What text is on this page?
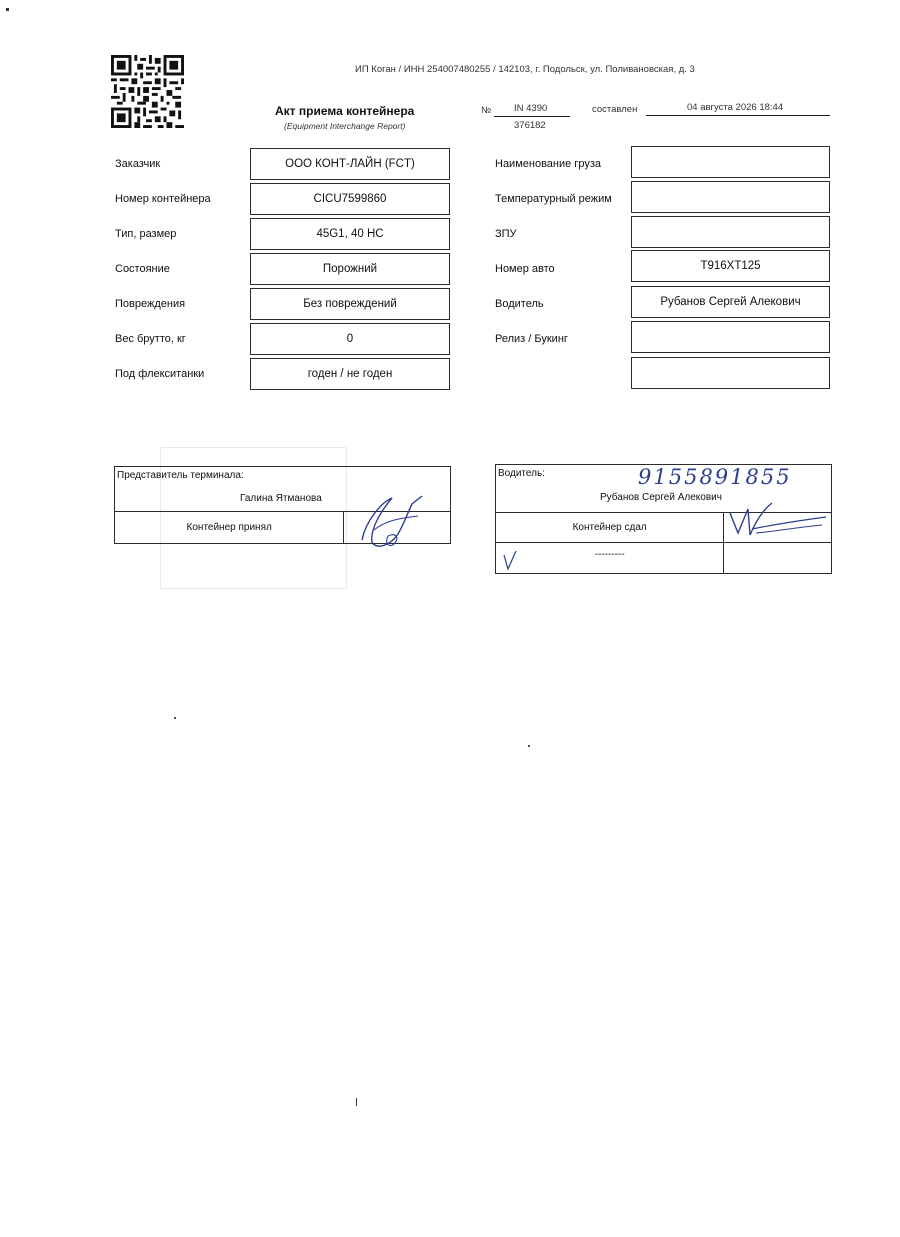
ИП Коган / ИНН 254007480255 / 142103, г. Подольск, ул. Поливановская, д. 3
Акт приема контейнера
(Equipment Interchange Report)
№ IN 4390
376182
составлен	04 августа 2026 18:44
Заказчик	ООО КОНТ-ЛАЙН (FCT)
Номер контейнера	CICU7599860
Тип, размер	45G1, 40 HC
Состояние	Порожний
Повреждения	Без повреждений
Вес брутто, кг	0
Под флекситанки	годен / не годен
Наименование груза
Температурный режим
ЗПУ
Номер авто	Т916ХТ125
Водитель	Рубанов Сергей Алекович
Релиз / Букинг
Представитель терминала:
Галина Ятманова

Контейнер принял	
Водитель: 9155891855
Рубанов Сергей Алекович	

Контейнер сдал	

---------	
